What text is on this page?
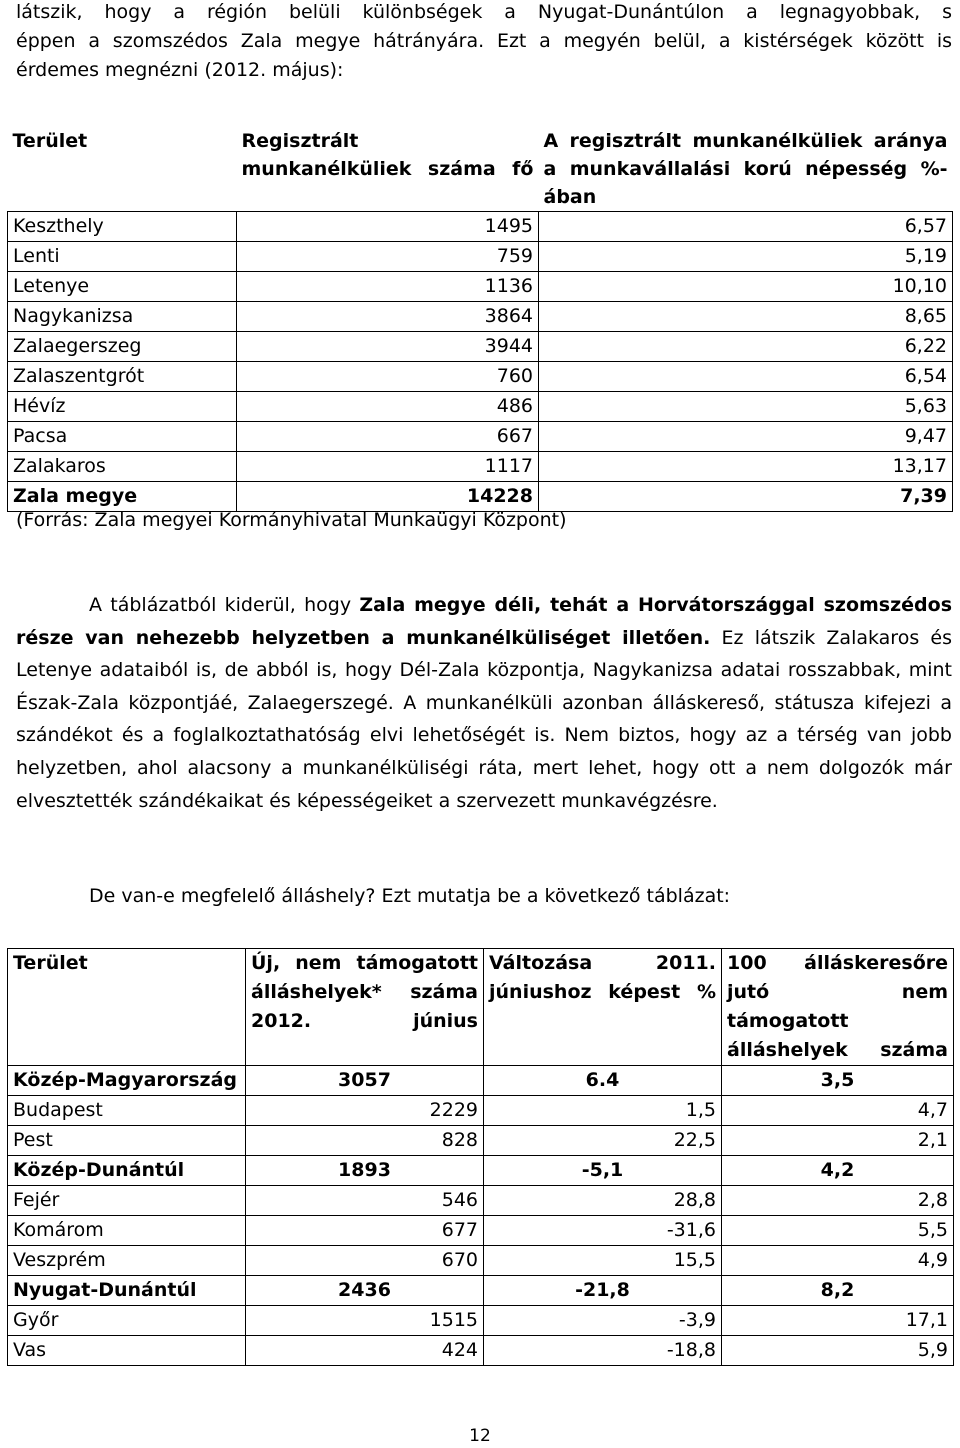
látszik, hogy a régión belüli különbségek a Nyugat-Dunántúlon a legnagyobbak, s
éppen a szomszédos Zala megye hátrányára. Ezt a megyén belül, a kistérségek között is
érdemes megnézni (2012. május):

Terület	Regisztrált munkanélküliek száma fő	A regisztrált munkanélküliek aránya a munkavállalási korú népesség %-ában
Keszthely	1495	6,57
Lenti	759	5,19
Letenye	1136	10,10
Nagykanizsa	3864	8,65
Zalaegerszeg	3944	6,22
Zalaszentgrót	760	6,54
Hévíz	486	5,63
Pacsa	667	9,47
Zalakaros	1117	13,17
Zala megye	14228	7,39
(Forrás: Zala megyei Kormányhivatal Munkaügyi Központ)

A táblázatból kiderül, hogy Zala megye déli, tehát a Horvátországgal szomszédos része van nehezebb helyzetben a munkanélküliséget illetően. Ez látszik Zalakaros és Letenye adataiból is, de abból is, hogy Dél-Zala központja, Nagykanizsa adatai rosszabbak, mint Észak-Zala központjáé, Zalaegerszegé. A munkanélküli azonban álláskereső, státusza kifejezi a szándékot és a foglalkoztathatóság elvi lehetőségét is. Nem biztos, hogy az a térség van jobb helyzetben, ahol alacsony a munkanélküliségi ráta, mert lehet, hogy ott a nem dolgozók már elvesztették szándékaikat és képességeiket a szervezett munkavégzésre.

De van-e megfelelő álláshely? Ezt mutatja be a következő táblázat:

Terület	Új, nem támogatott álláshelyek* száma 2012. június	Változása 2011. júniushoz képest %	100 álláskeresőre jutó nem támogatott álláshelyek száma
Közép-Magyarország	3057	6.4	3,5
Budapest	2229	1,5	4,7
Pest	828	22,5	2,1
Közép-Dunántúl	1893	-5,1	4,2
Fejér	546	28,8	2,8
Komárom	677	-31,6	5,5
Veszprém	670	15,5	4,9
Nyugat-Dunántúl	2436	-21,8	8,2
Győr	1515	-3,9	17,1
Vas	424	-18,8	5,9
12
